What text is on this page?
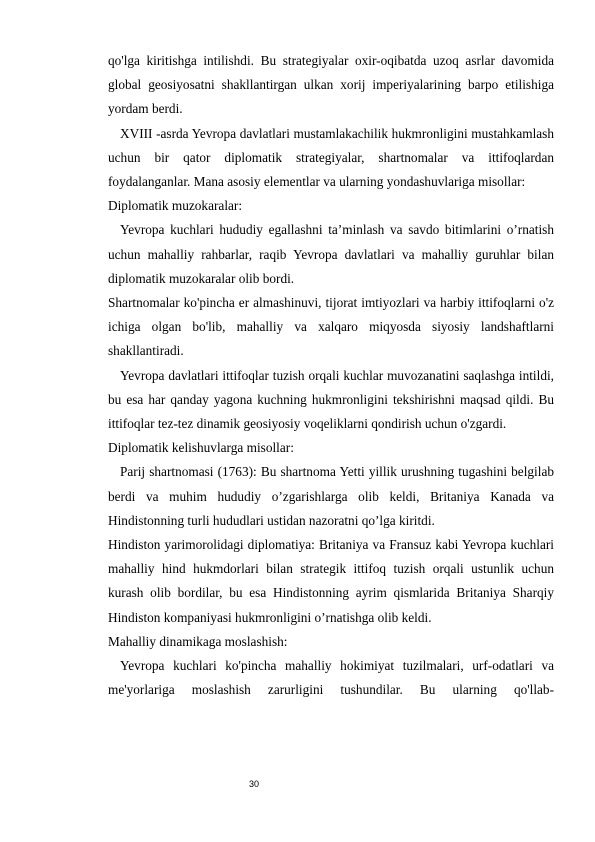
qo'lga kiritishga intilishdi. Bu strategiyalar oxir-oqibatda uzoq asrlar davomida global geosiyosatni shakllantirgan ulkan xorij imperiyalarining barpo etilishiga yordam berdi.

XVIII -asrda Yevropa davlatlari mustamlakachilik hukmronligini mustahkamlash uchun bir qator diplomatik strategiyalar, shartnomalar va ittifoqlardan foydalanganlar. Mana asosiy elementlar va ularning yondashuvlariga misollar:

Diplomatik muzokaralar:

Yevropa kuchlari hududiy egallashni ta’minlash va savdo bitimlarini o’rnatish uchun mahalliy rahbarlar, raqib Yevropa davlatlari va mahalliy guruhlar bilan diplomatik muzokaralar olib bordi.

Shartnomalar ko'pincha er almashinuvi, tijorat imtiyozlari va harbiy ittifoqlarni o'z ichiga olgan bo'lib, mahalliy va xalqaro miqyosda siyosiy landshaftlarni shakllantiradi.

Yevropa davlatlari ittifoqlar tuzish orqali kuchlar muvozanatini saqlashga intildi, bu esa har qanday yagona kuchning hukmronligini tekshirishni maqsad qildi. Bu ittifoqlar tez-tez dinamik geosiyosiy voqeliklarni qondirish uchun o'zgardi.

Diplomatik kelishuvlarga misollar:

Parij shartnomasi (1763): Bu shartnoma Yetti yillik urushning tugashini belgilab berdi va muhim hududiy o’zgarishlarga olib keldi, Britaniya Kanada va Hindistonning turli hududlari ustidan nazoratni qo’lga kiritdi.

Hindiston yarimorolidagi diplomatiya: Britaniya va Fransuz kabi Yevropa kuchlari mahalliy hind hukmdorlari bilan strategik ittifoq tuzish orqali ustunlik uchun kurash olib bordilar, bu esa Hindistonning ayrim qismlarida Britaniya Sharqiy Hindiston kompaniyasi hukmronligini o’rnatishga olib keldi.

Mahalliy dinamikaga moslashish:

Yevropa kuchlari ko'pincha mahalliy hokimiyat tuzilmalari, urf-odatlari va me'yorlariga moslashish zarurligini tushundilar. Bu ularning qo'llab-

30
